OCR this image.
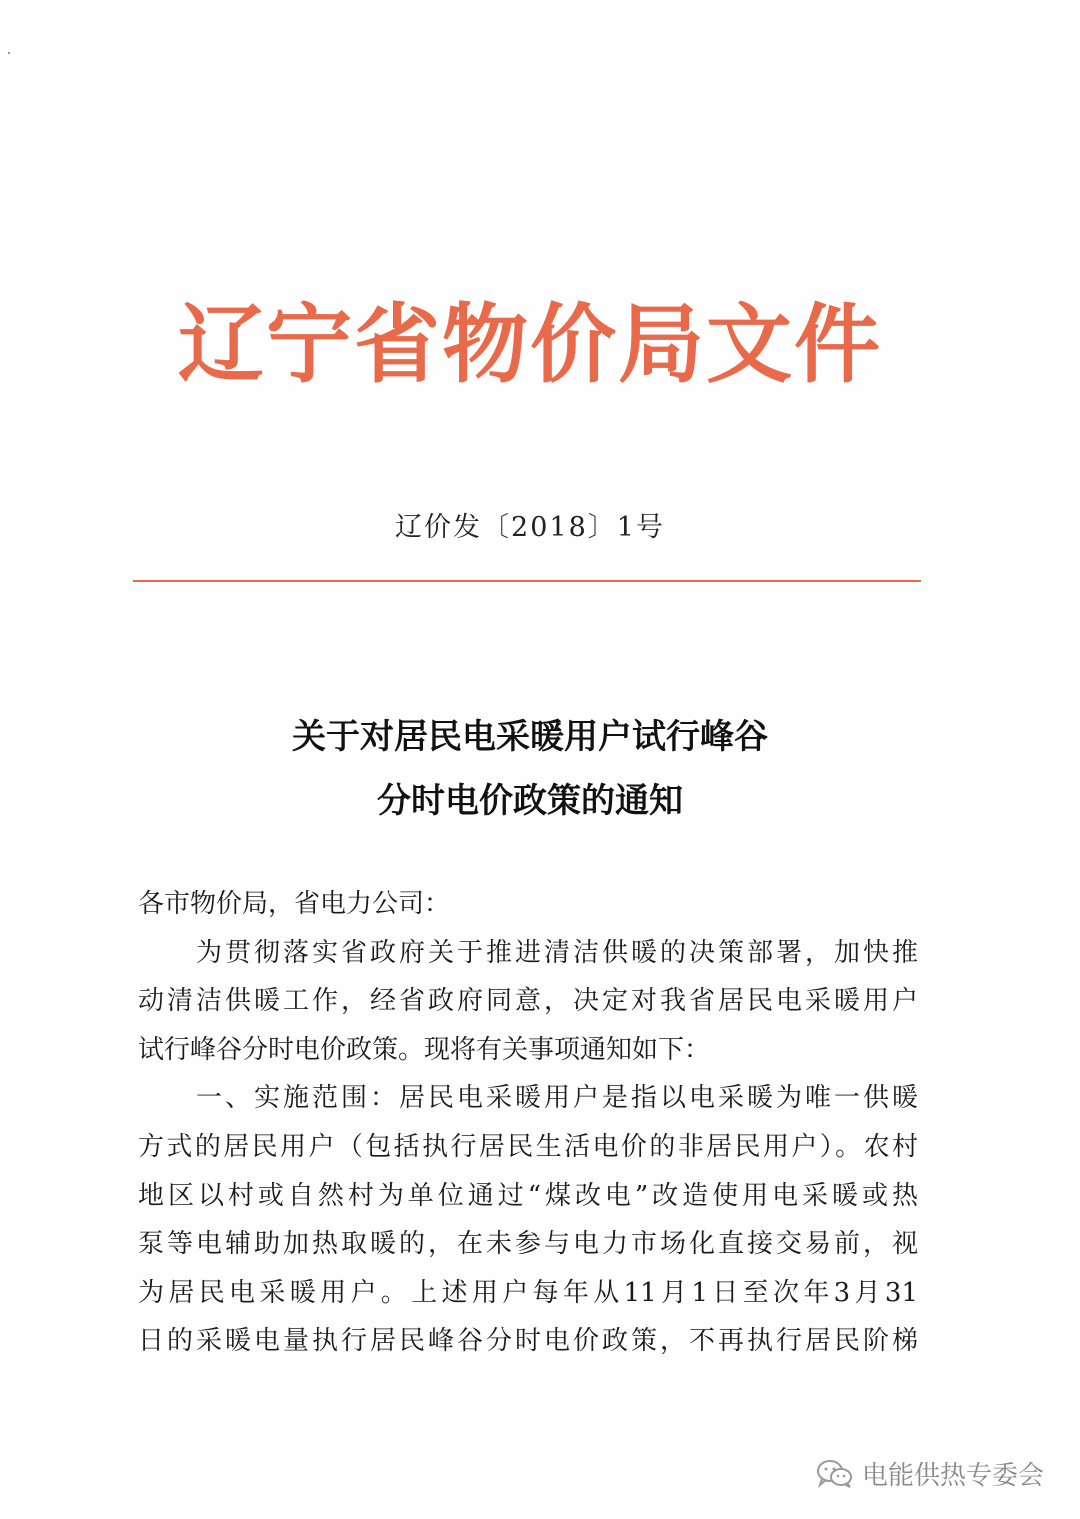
辽宁省物价局文件
辽价发〔2018〕1号
关于对居民电采暖用户试行峰谷
分时电价政策的通知
各市物价局，省电力公司：
　　为贯彻落实省政府关于推进清洁供暖的决策部署，加快推
动清洁供暖工作，经省政府同意，决定对我省居民电采暖用户
试行峰谷分时电价政策。现将有关事项通知如下：
　　一、实施范围：居民电采暖用户是指以电采暖为唯一供暖
方式的居民用户（包括执行居民生活电价的非居民用户）。农村
地区以村或自然村为单位通过“煤改电”改造使用电采暖或热
泵等电辅助加热取暖的，在未参与电力市场化直接交易前，视
为居民电采暖用户。上述用户每年从11月1日至次年3月31
日的采暖电量执行居民峰谷分时电价政策，不再执行居民阶梯
电能供热专委会
